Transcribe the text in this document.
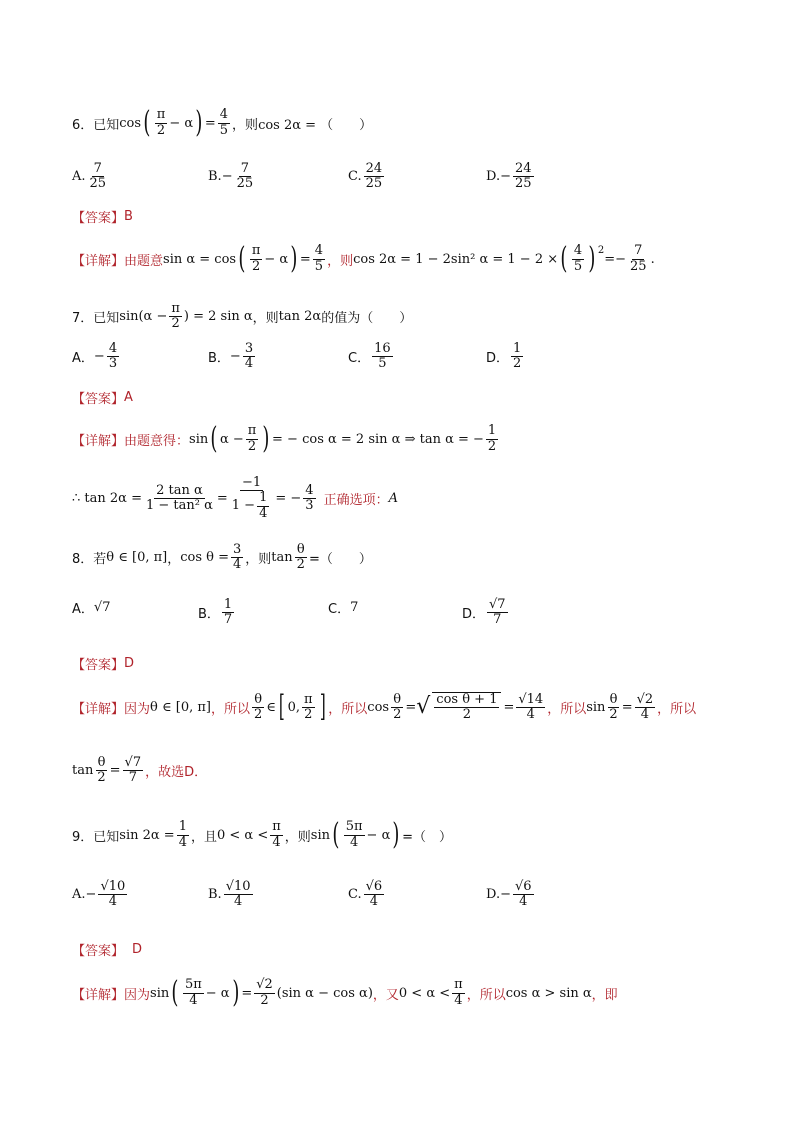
6．已知 cos ( π
2 − α ) = $\frac{4}{5}$ ，则 cos 2α = （　　）
A.
7
25	B. − $\frac{7}{25}$	C.
24
25	D. − $\frac{24}{25}$
【答案】 B
【详解】 由题意 sin α = cos ( π
2 − α ) = $\frac{4}{5}$ ，则 cos 2α = 1 − 2sin² α = 1 − 2 × ( 4
5 )$^2$
= − $\frac{7}{25}$ .
7．已知 $\sin(\alpha - \frac{\pi}{2}$ ) = 2 sin α ，则 tan 2α 的值为（　　）
A． − $\frac{4}{3}$	B． − $\frac{3}{4}$	C．
16
5	D．
1
2
【答案】 A
【详解】 由题意得： sin ( $\alpha - \frac{\pi}{2}$ ) = − cos α = 2 sin α ⇒ tan α = − $\frac{1}{2}$
∴ $\tan 2\alpha = \frac{\text{2 tan α}}{\text{1 − tan² α}} = \frac{-1}{1 - \frac{1}{4}}$ = − $\frac{4}{3}$ 正确选项： A
8．若 θ ∈ [0, π] ， $\cos \theta = \frac{3}{4}$ ，则 $\tan \frac{\theta}{2}$ =（　　）
A． √7	B．
1
7
C． 7	D．
√7
7
【答案】 D
【详解】 因为 θ ∈ [0, π] ，所以
θ
2 ∈ [ 0,
π
2 ] ，所以 $\cos \frac{\theta}{2}$ = √ $\frac{\text{cos θ + 1}}{2} = \frac{√14}{4}$ ，所以 $\sin \frac{\theta}{2} = \frac{√2}{4}$ ，所以
$\tan \frac{\theta}{2} = \frac{√7}{7}$ ，故选D．
9．已知 $\sin 2\alpha = \frac{1}{4}$ ，且 0 < α <
π
4 ，则 sin ( 5π
4 − α ) =（　）
A. − $\frac{√10}{4}$	B.
√10
4	C.
√6
4	D. − $\frac{√6}{4}$
【答案】 D
【详解】 因为 sin ( 5π
4 − α ) = $\frac{√2}{2} (\sin$ α − cos α) ，又 0 < α <
π
4 ，所以 cos α > sin α ，即
